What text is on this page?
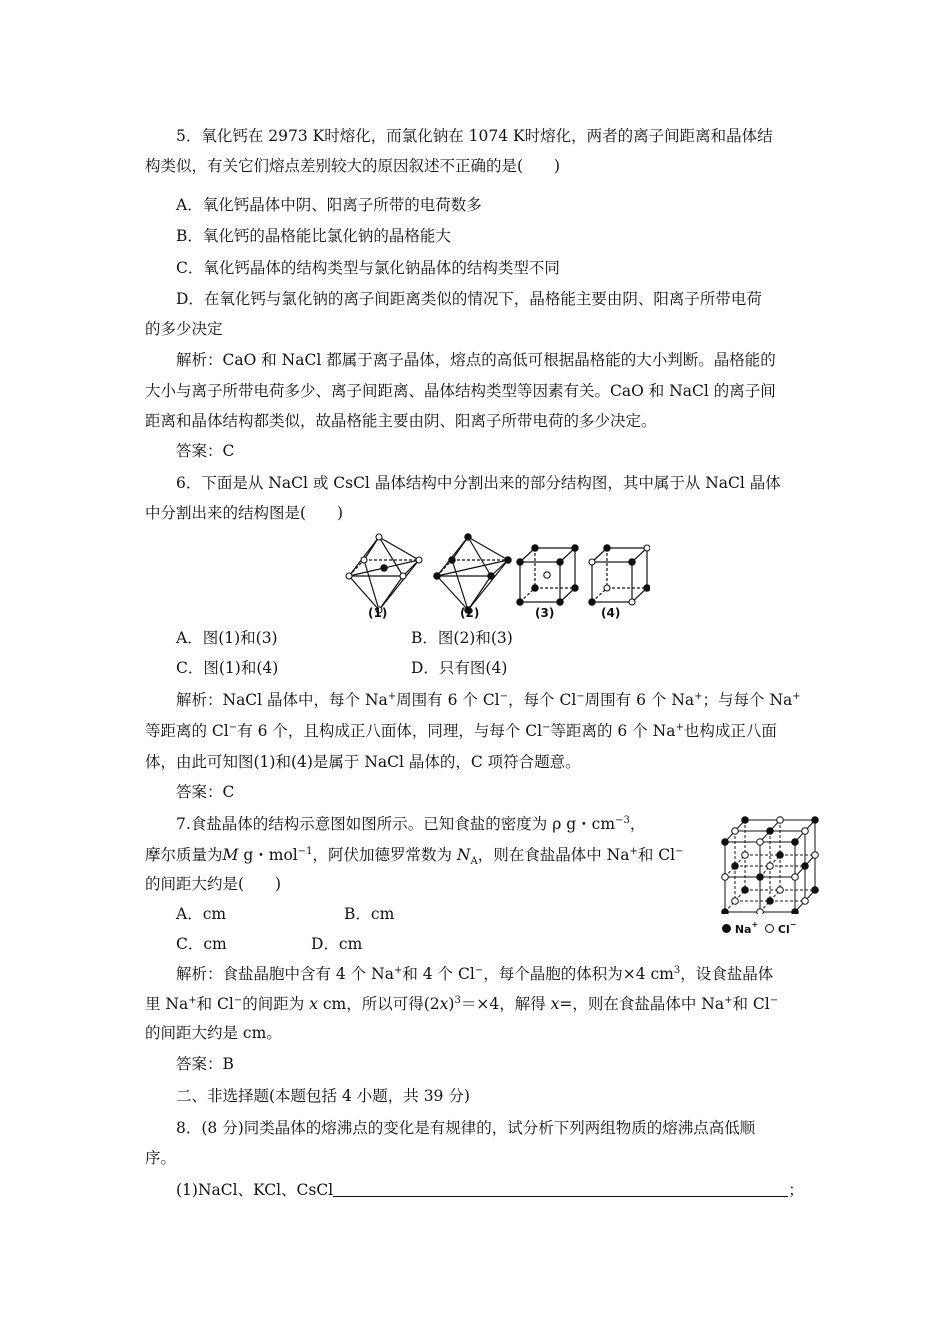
5．氧化钙在 2973 K时熔化，而氯化钠在 1074 K时熔化，两者的离子间距离和晶体结
构类似，有关它们熔点差别较大的原因叙述不正确的是(　　)
A．氧化钙晶体中阴、阳离子所带的电荷数多
B．氧化钙的晶格能比氯化钠的晶格能大
C．氧化钙晶体的结构类型与氯化钠晶体的结构类型不同
D．在氧化钙与氯化钠的离子间距离类似的情况下，晶格能主要由阴、阳离子所带电荷
的多少决定
解析：CaO 和 NaCl 都属于离子晶体，熔点的高低可根据晶格能的大小判断。晶格能的
大小与离子所带电荷多少、离子间距离、晶体结构类型等因素有关。CaO 和 NaCl 的离子间
距离和晶体结构都类似，故晶格能主要由阴、阳离子所带电荷的多少决定。
答案：C
6．下面是从 NaCl 或 CsCl 晶体结构中分割出来的部分结构图，其中属于从 NaCl 晶体
中分割出来的结构图是(　　)
(1)	(2)	(3)	(4)
A．图(1)和(3)	B．图(2)和(3)
C．图(1)和(4)	D．只有图(4)
解析：NaCl 晶体中，每个 Na+周围有 6 个 Cl−，每个 Cl−周围有 6 个 Na+；与每个 Na+
等距离的 Cl−有 6 个，且构成正八面体，同理，与每个 Cl−等距离的 6 个 Na+也构成正八面
体，由此可知图(1)和(4)是属于 NaCl 晶体的，C 项符合题意。
答案：C
7.食盐晶体的结构示意图如图所示。已知食盐的密度为 ρ g・$cm^{-3}$，
摩尔质量为M g・mol$^{-1}$，阿伏加德罗常数为 $N_A$，则在食盐晶体中 Na+和 Cl−
的间距大约是(　　)
A．cm	B．cm
C．cm	D．cm
Na+ Cl−
解析：食盐晶胞中含有 4 个 Na+和 4 个 Cl−，每个晶胞的体积为×4 $cm^3$，设食盐晶体
里 Na+和 Cl−的间距为 x cm，所以可得$(2x)^3=\times 4$，解得 x=，则在食盐晶体中 Na+和 Cl−
的间距大约是 cm。
答案：B
二、非选择题(本题包括 4 小题，共 39 分)
8．(8 分)同类晶体的熔沸点的变化是有规律的，试分析下列两组物质的熔沸点高低顺
序。
(1)NaCl、KCl、CsCl	；
